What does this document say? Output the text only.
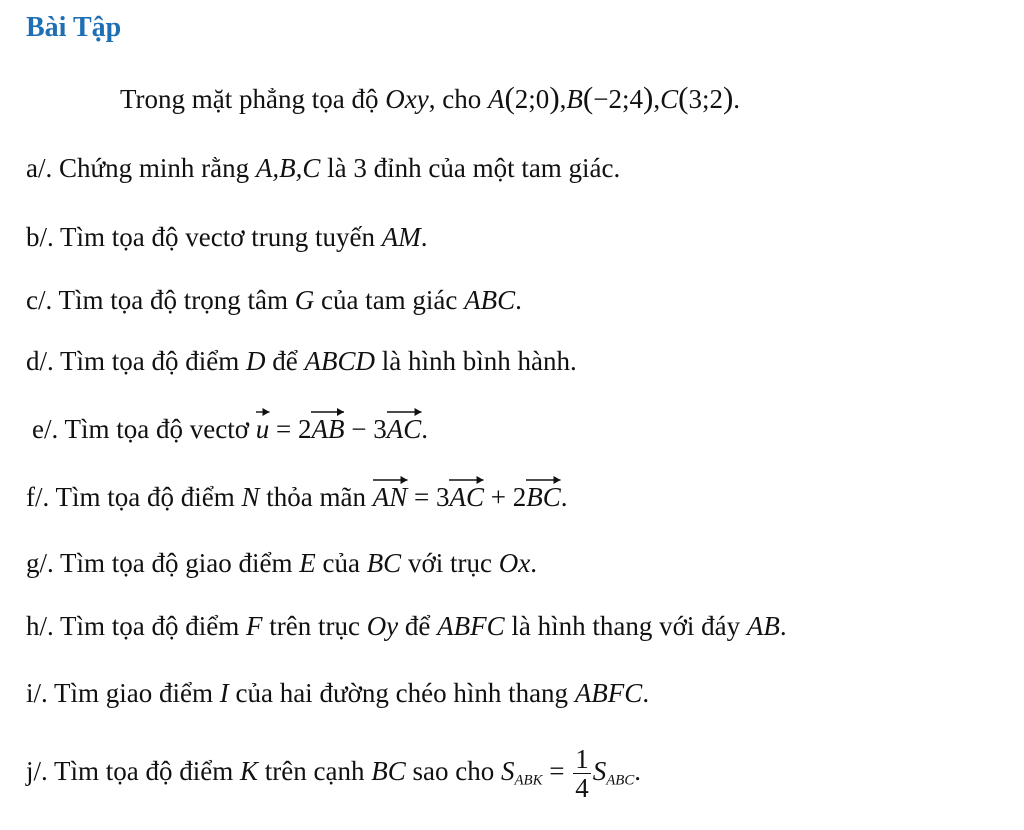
Bài Tập
Trong mặt phẳng tọa độ Oxy, cho A(2;0),B(−2;4),C(3;2).
a/. Chứng minh rằng A,B,C là 3 đỉnh của một tam giác.
b/. Tìm tọa độ vectơ trung tuyến AM.
c/. Tìm tọa độ trọng tâm G của tam giác ABC.
d/. Tìm tọa độ điểm D để ABCD là hình bình hành.
e/. Tìm tọa độ vectơ u = 2
AB − 3
AC.
f/. Tìm tọa độ điểm N thỏa mãn AN = 3
AC + 2
BC.
g/. Tìm tọa độ giao điểm E của BC với trục Ox.
h/. Tìm tọa độ điểm F trên trục Oy để ABFC là hình thang với đáy AB.
i/. Tìm giao điểm I của hai đường chéo hình thang ABFC.
j/. Tìm tọa độ điểm K trên cạnh BC sao cho $S_{ABK} = \frac{1}{4} S_{ABC}$.
